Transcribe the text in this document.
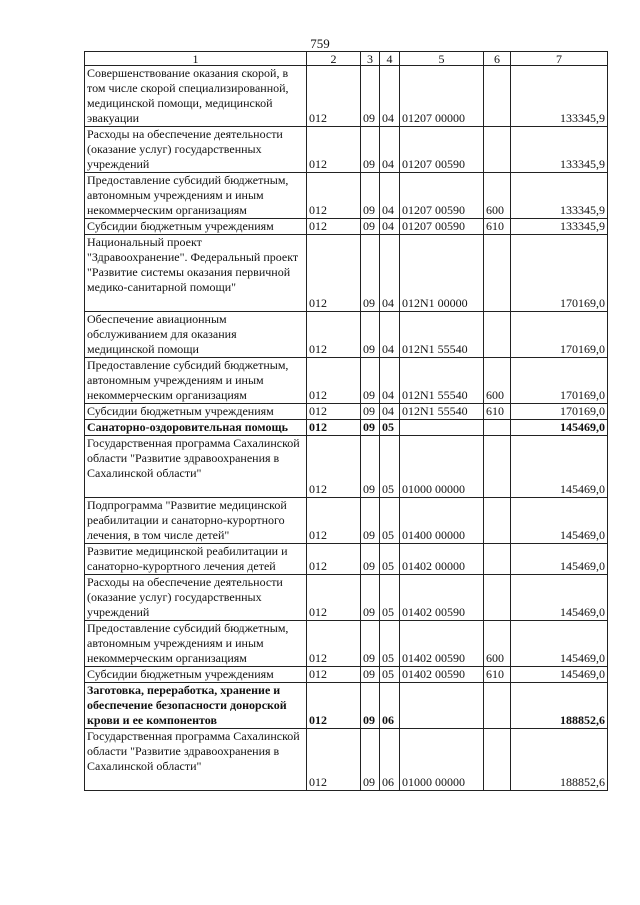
759
1	2	3	4	5	6	7
Совершенствование оказания скорой, в том числе скорой специализированной, медицинской помощи, медицинской эвакуации	012	09	04	01207 00000		133345,9
Расходы на обеспечение деятельности (оказание услуг) государственных учреждений	012	09	04	01207 00590		133345,9
Предоставление субсидий бюджетным, автономным учреждениям и иным некоммерческим организациям	012	09	04	01207 00590	600	133345,9
Субсидии бюджетным учреждениям	012	09	04	01207 00590	610	133345,9
Национальный проект "Здравоохранение". Федеральный проект "Развитие системы оказания первичной медико-санитарной помощи"	012	09	04	012N1 00000		170169,0
Обеспечение авиационным обслуживанием для оказания медицинской помощи	012	09	04	012N1 55540		170169,0
Предоставление субсидий бюджетным, автономным учреждениям и иным некоммерческим организациям	012	09	04	012N1 55540	600	170169,0
Субсидии бюджетным учреждениям	012	09	04	012N1 55540	610	170169,0
Санаторно-оздоровительная помощь	012	09	05			145469,0
Государственная программа Сахалинской области "Развитие здравоохранения в Сахалинской области"	012	09	05	01000 00000		145469,0
Подпрограмма "Развитие медицинской реабилитации и санаторно-курортного лечения, в том числе детей"	012	09	05	01400 00000		145469,0
Развитие медицинской реабилитации и санаторно-курортного лечения детей	012	09	05	01402 00000		145469,0
Расходы на обеспечение деятельности (оказание услуг) государственных учреждений	012	09	05	01402 00590		145469,0
Предоставление субсидий бюджетным, автономным учреждениям и иным некоммерческим организациям	012	09	05	01402 00590	600	145469,0
Субсидии бюджетным учреждениям	012	09	05	01402 00590	610	145469,0
Заготовка, переработка, хранение и обеспечение безопасности донорской крови и ее компонентов	012	09	06			188852,6
Государственная программа Сахалинской области "Развитие здравоохранения в Сахалинской области"	012	09	06	01000 00000		188852,6
